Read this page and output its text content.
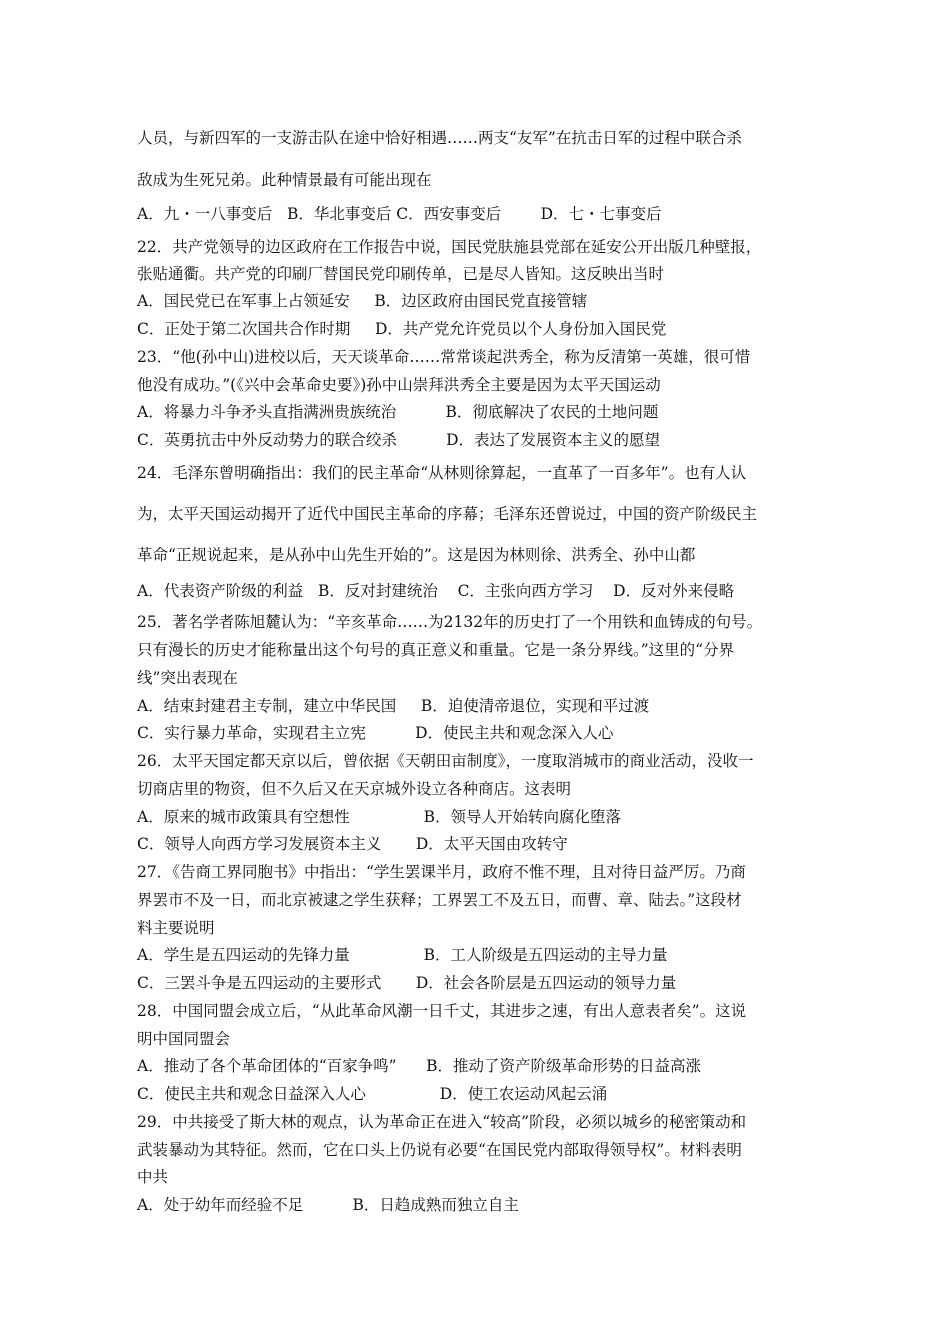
人员，与新四军的一支游击队在途中恰好相遇……两支“友军”在抗击日军的过程中联合杀
敌成为生死兄弟。此种情景最有可能出现在
A．九・一八事变后   B．华北事变后 C．西安事变后        D．七・七事变后
22．共产党领导的边区政府在工作报告中说，国民党肤施县党部在延安公开出版几种壁报，
张贴通衢。共产党的印刷厂替国民党印刷传单，已是尽人皆知。这反映出当时
A．国民党已在军事上占领延安     B．边区政府由国民党直接管辖
C．正处于第二次国共合作时期     D．共产党允许党员以个人身份加入国民党
23．“他(孙中山)进校以后，天天谈革命……常常谈起洪秀全，称为反清第一英雄，很可惜
他没有成功。”(《兴中会革命史要》)孙中山崇拜洪秀全主要是因为太平天国运动
A．将暴力斗争矛头直指满洲贵族统治          B．彻底解决了农民的土地问题
C．英勇抗击中外反动势力的联合绞杀          D．表达了发展资本主义的愿望
24．毛泽东曾明确指出：我们的民主革命“从林则徐算起，一直革了一百多年”。也有人认
为，太平天国运动揭开了近代中国民主革命的序幕；毛泽东还曾说过，中国的资产阶级民主
革命“正规说起来，是从孙中山先生开始的”。这是因为林则徐、洪秀全、孙中山都
A．代表资产阶级的利益   B．反对封建统治    C．主张向西方学习    D．反对外来侵略
25．著名学者陈旭麓认为：“辛亥革命……为2132年的历史打了一个用铁和血铸成的句号。
只有漫长的历史才能称量出这个句号的真正意义和重量。它是一条分界线。”这里的“分界
线”突出表现在
A．结束封建君主专制，建立中华民国     B．迫使清帝退位，实现和平过渡
C．实行暴力革命，实现君主立宪          D．使民主共和观念深入人心
26．太平天国定都天京以后，曾依据《天朝田亩制度》，一度取消城市的商业活动，没收一
切商店里的物资，但不久后又在天京城外设立各种商店。这表明
A．原来的城市政策具有空想性               B．领导人开始转向腐化堕落
C．领导人向西方学习发展资本主义       D．太平天国由攻转守
27．《告商工界同胞书》中指出：“学生罢课半月，政府不惟不理，且对待日益严厉。乃商
界罢市不及一日，而北京被逮之学生获释；工界罢工不及五日，而曹、章、陆去。”这段材
料主要说明
A．学生是五四运动的先锋力量               B．工人阶级是五四运动的主导力量
C．三罢斗争是五四运动的主要形式       D．社会各阶层是五四运动的领导力量
28．中国同盟会成立后，“从此革命风潮一日千丈，其进步之速，有出人意表者矣”。这说
明中国同盟会
A．推动了各个革命团体的“百家争鸣”      B．推动了资产阶级革命形势的日益高涨
C．使民主共和观念日益深入人心               D．使工农运动风起云涌
29．中共接受了斯大林的观点，认为革命正在进入“较高”阶段，必须以城乡的秘密策动和
武装暴动为其特征。然而，它在口头上仍说有必要“在国民党内部取得领导权”。材料表明
中共
A．处于幼年而经验不足          B．日趋成熟而独立自主
